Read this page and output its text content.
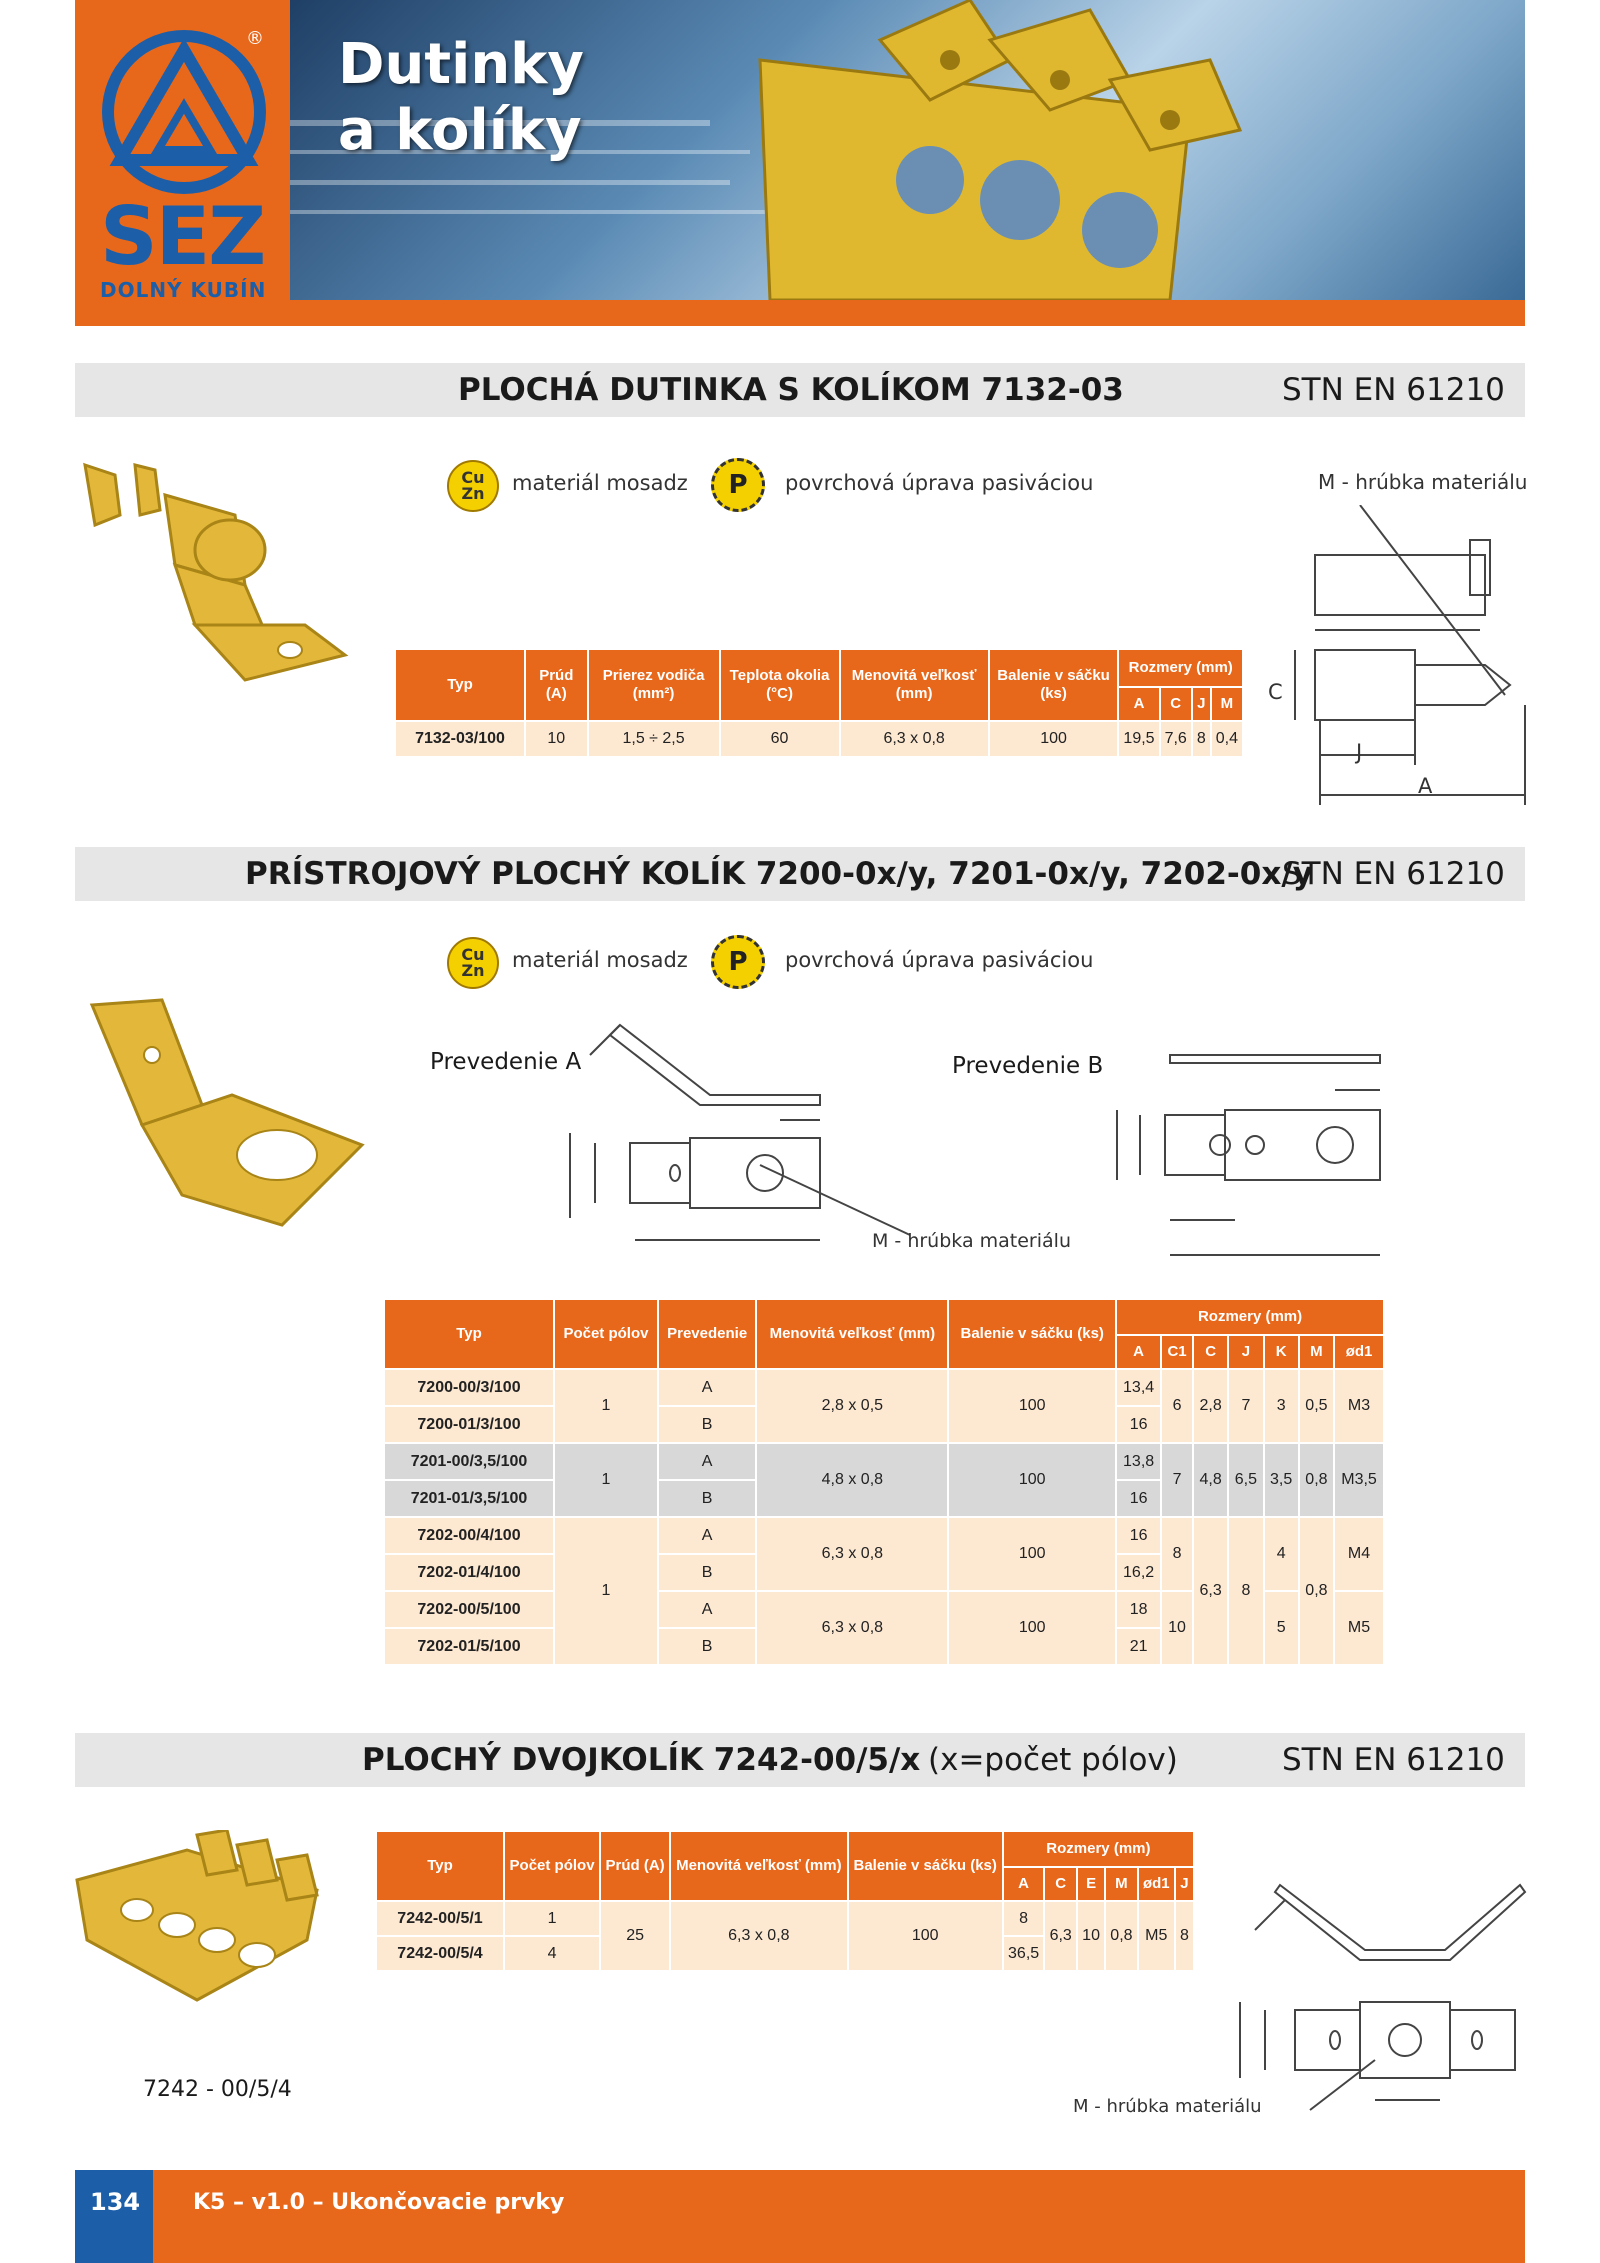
®
SEZ
DOLNÝ KUBÍN
Dutinky
a kolíky
PLOCHÁ DUTINKA S KOLÍKOM 7132-03	STN EN 61210
Cu Zn	materiál mosadz	P	povrchová úprava pasiváciou	M - hrúbka materiálu
C
J
A
Typ	Prúd (A)	Prierez vodiča (mm²)	Teplota okolia (°C)	Menovitá veľkosť (mm)	Balenie v sáčku (ks)	Rozmery (mm)			
						A	C	J	M
7132-03/100	10	1,5 ÷ 2,5	60	6,3 x 0,8	100	19,5	7,6	8	0,4
PRÍSTROJOVÝ PLOCHÝ KOLÍK 7200-0x/y, 7201-0x/y, 7202-0x/y
STN EN 61210
Cu Zn	materiál mosadz	P	povrchová úprava pasiváciou
Prevedenie A	Prevedenie B
M - hrúbka materiálu
Typ	Počet pólov	Prevedenie	Menovitá veľkosť (mm)	Balenie v sáčku (ks)	Rozmery (mm)						
					A	C1	C	J	K	M	ød1
7200-00/3/100	1	A	2,8 x 0,5	100	13,4	6	2,8	7	3	0,5	M3
7200-01/3/100		B			16						
7201-00/3,5/100	1	A	4,8 x 0,8	100	13,8	7	4,8	6,5	3,5	0,8	M3,5
7201-01/3,5/100		B			16						
7202-00/4/100	1	A	6,3 x 0,8	100	16	8	6,3	8	4	0,8	M4
7202-01/4/100		B			16,2						
7202-00/5/100		A	6,3 x 0,8	100	18	10			5		M5
7202-01/5/100		B			21						
PLOCHÝ DVOJKOLÍK 7242-00/5/x (x=počet pólov)	STN EN 61210
7242 - 00/5/4
Typ	Počet pólov	Prúd (A)	Menovitá veľkosť (mm)	Balenie v sáčku (ks)	Rozmery (mm)					
					A	C	E	M	ød1	J
7242-00/5/1	1	25	6,3 x 0,8	100	8	6,3	10	0,8	M5	8
7242-00/5/4	4				36,5					
M - hrúbka materiálu
134 K5 – v1.0 – Ukončovacie prvky
